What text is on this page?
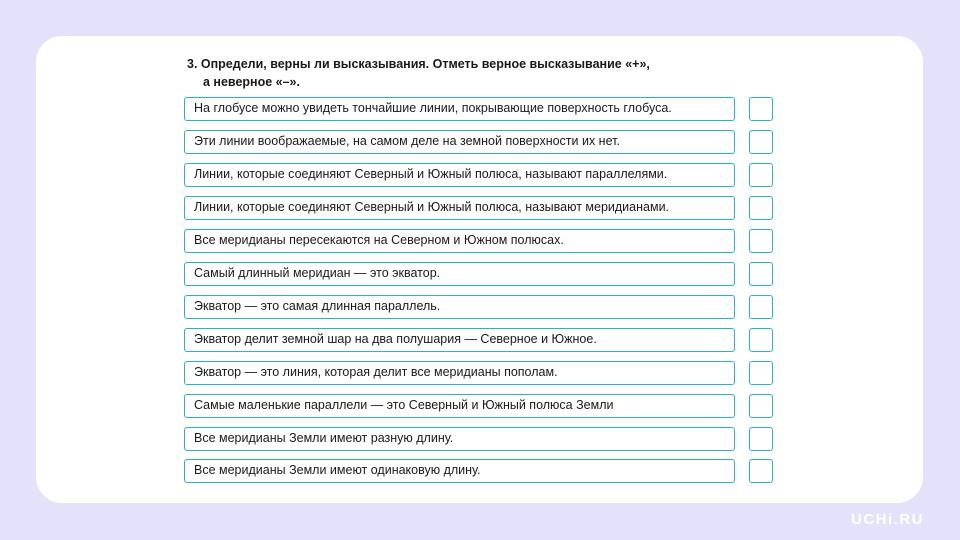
3. Определи, верны ли высказывания. Отметь верное высказывание «+»,
а неверное «–».
На глобусе можно увидеть тончайшие линии, покрывающие поверхность глобуса.
Эти линии воображаемые, на самом деле на земной поверхности их нет.
Линии, которые соединяют Северный и Южный полюса, называют параллелями.
Линии, которые соединяют Северный и Южный полюса, называют меридианами.
Все меридианы пересекаются на Северном и Южном полюсах.
Самый длинный меридиан — это экватор.
Экватор — это самая длинная параллель.
Экватор делит земной шар на два полушария — Северное и Южное.
Экватор — это линия, которая делит все меридианы пополам.
Самые маленькие параллели — это Северный и Южный полюса Земли
Все меридианы Земли имеют разную длину.
Все меридианы Земли имеют одинаковую длину.
UCHi.RU
